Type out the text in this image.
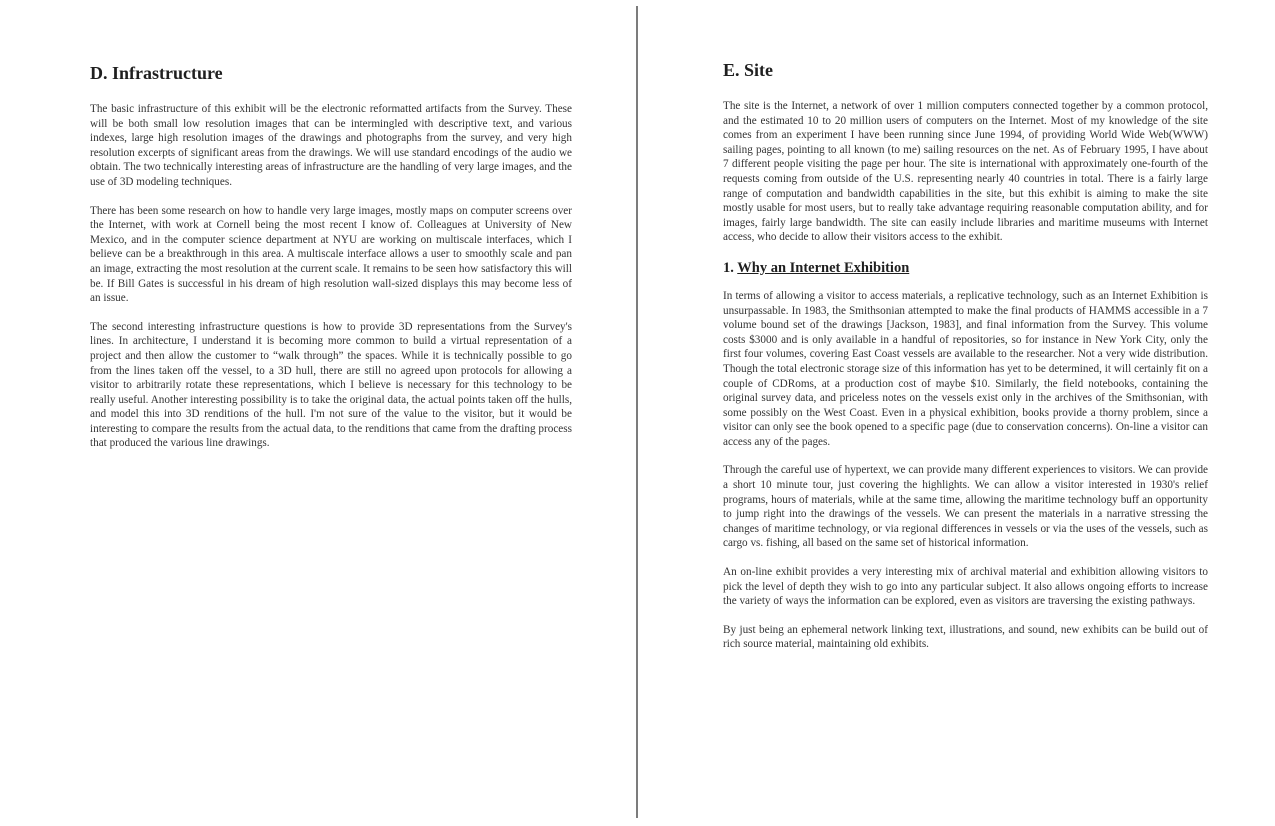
D. Infrastructure

The basic infrastructure of this exhibit will be the electronic reformatted artifacts from the Survey. These will be both small low resolution images that can be intermingled with descriptive text, and various indexes, large high resolution images of the drawings and photographs from the survey, and very high resolution excerpts of significant areas from the drawings. We will use standard encodings of the audio we obtain. The two technically interesting areas of infrastructure are the handling of very large images, and the use of 3D modeling techniques.

There has been some research on how to handle very large images, mostly maps on computer screens over the Internet, with work at Cornell being the most recent I know of. Colleagues at University of New Mexico, and in the computer science department at NYU are working on multiscale interfaces, which I believe can be a breakthrough in this area. A multiscale interface allows a user to smoothly scale and pan an image, extracting the most resolution at the current scale. It remains to be seen how satisfactory this will be. If Bill Gates is successful in his dream of high resolution wall-sized displays this may become less of an issue.

The second interesting infrastructure questions is how to provide 3D representations from the Survey's lines. In architecture, I understand it is becoming more common to build a virtual representation of a project and then allow the customer to “walk through” the spaces. While it is technically possible to go from the lines taken off the vessel, to a 3D hull, there are still no agreed upon protocols for allowing a visitor to arbitrarily rotate these representations, which I believe is necessary for this technology to be really useful. Another interesting possibility is to take the original data, the actual points taken off the hulls, and model this into 3D renditions of the hull. I'm not sure of the value to the visitor, but it would be interesting to compare the results from the actual data, to the renditions that came from the drafting process that produced the various line drawings.

E. Site

The site is the Internet, a network of over 1 million computers connected together by a common protocol, and the estimated 10 to 20 million users of computers on the Internet. Most of my knowledge of the site comes from an experiment I have been running since June 1994, of providing World Wide Web(WWW) sailing pages, pointing to all known (to me) sailing resources on the net. As of February 1995, I have about 7 different people visiting the page per hour. The site is international with approximately one-fourth of the requests coming from outside of the U.S. representing nearly 40 countries in total. There is a fairly large range of computation and bandwidth capabilities in the site, but this exhibit is aiming to make the site mostly usable for most users, but to really take advantage requiring reasonable computation ability, and for images, fairly large bandwidth. The site can easily include libraries and maritime museums with Internet access, who decide to allow their visitors access to the exhibit.

1. Why an Internet Exhibition

In terms of allowing a visitor to access materials, a replicative technology, such as an Internet Exhibition is unsurpassable. In 1983, the Smithsonian attempted to make the final products of HAMMS accessible in a 7 volume bound set of the drawings [Jackson, 1983], and final information from the Survey. This volume costs $3000 and is only available in a handful of repositories, so for instance in New York City, only the first four volumes, covering East Coast vessels are available to the researcher. Not a very wide distribution. Though the total electronic storage size of this information has yet to be determined, it will certainly fit on a couple of CDRoms, at a production cost of maybe $10. Similarly, the field notebooks, containing the original survey data, and priceless notes on the vessels exist only in the archives of the Smithsonian, with some possibly on the West Coast. Even in a physical exhibition, books provide a thorny problem, since a visitor can only see the book opened to a specific page (due to conservation concerns). On-line a visitor can access any of the pages.

Through the careful use of hypertext, we can provide many different experiences to visitors. We can provide a short 10 minute tour, just covering the highlights. We can allow a visitor interested in 1930's relief programs, hours of materials, while at the same time, allowing the maritime technology buff an opportunity to jump right into the drawings of the vessels. We can present the materials in a narrative stressing the changes of maritime technology, or via regional differences in vessels or via the uses of the vessels, such as cargo vs. fishing, all based on the same set of historical information.

An on-line exhibit provides a very interesting mix of archival material and exhibition allowing visitors to pick the level of depth they wish to go into any particular subject. It also allows ongoing efforts to increase the variety of ways the information can be explored, even as visitors are traversing the existing pathways.

By just being an ephemeral network linking text, illustrations, and sound, new exhibits can be build out of rich source material, maintaining old exhibits.
